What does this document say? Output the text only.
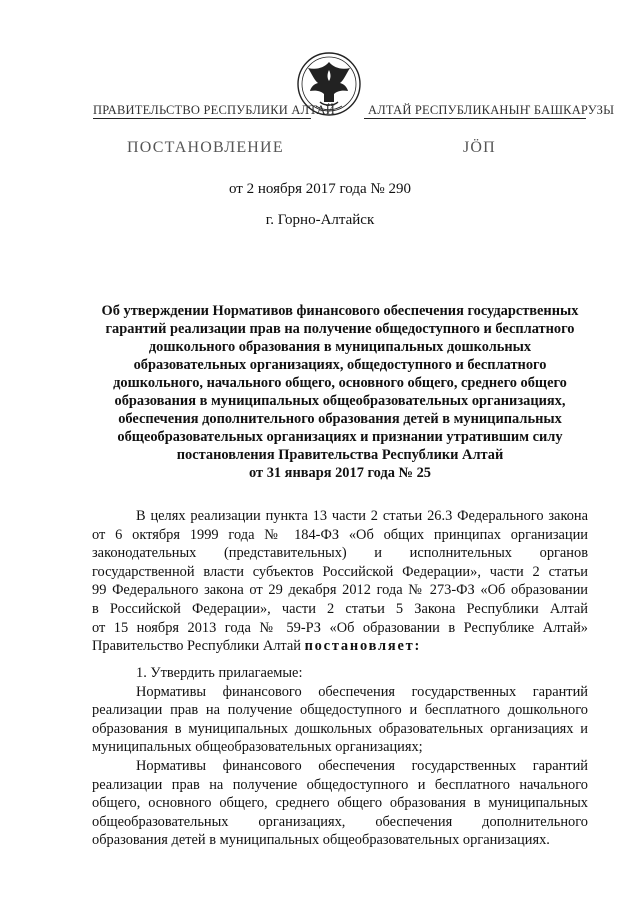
ПРАВИТЕЛЬСТВО РЕСПУБЛИКИ АЛТАЙ	АЛТАЙ РЕСПУБЛИКАНЫҤ БАШКАРУЗЫ
ПОСТАНОВЛЕНИЕ	JÖП
от 2 ноября 2017 года № 290
г. Горно-Алтайск
Об утверждении Нормативов финансового обеспечения государственных
гарантий реализации прав на получение общедоступного и бесплатного
дошкольного образования в муниципальных дошкольных
образовательных организациях, общедоступного и бесплатного
дошкольного, начального общего, основного общего, среднего общего
образования в муниципальных общеобразовательных организациях,
обеспечения дополнительного образования детей в муниципальных
общеобразовательных организациях и признании утратившим силу
постановления Правительства Республики Алтай
от 31 января 2017 года № 25
В целях реализации пункта 13 части 2 статьи 26.3 Федерального закона
от 6 октября 1999 года № 184-ФЗ «Об общих принципах организации
законодательных (представительных) и исполнительных органов
государственной власти субъектов Российской Федерации», части 2 статьи
99 Федерального закона от 29 декабря 2012 года № 273-ФЗ «Об образовании
в Российской Федерации», части 2 статьи 5 Закона Республики Алтай
от 15 ноября 2013 года № 59-РЗ «Об образовании в Республике Алтай»
Правительство Республики Алтай постановляет:
1. Утвердить прилагаемые:
Нормативы финансового обеспечения государственных гарантий
реализации прав на получение общедоступного и бесплатного дошкольного
образования в муниципальных дошкольных образовательных организациях и
муниципальных общеобразовательных организациях;
Нормативы финансового обеспечения государственных гарантий
реализации прав на получение общедоступного и бесплатного начального
общего, основного общего, среднего общего образования в муниципальных
общеобразовательных организациях, обеспечения дополнительного
образования детей в муниципальных общеобразовательных организациях.
